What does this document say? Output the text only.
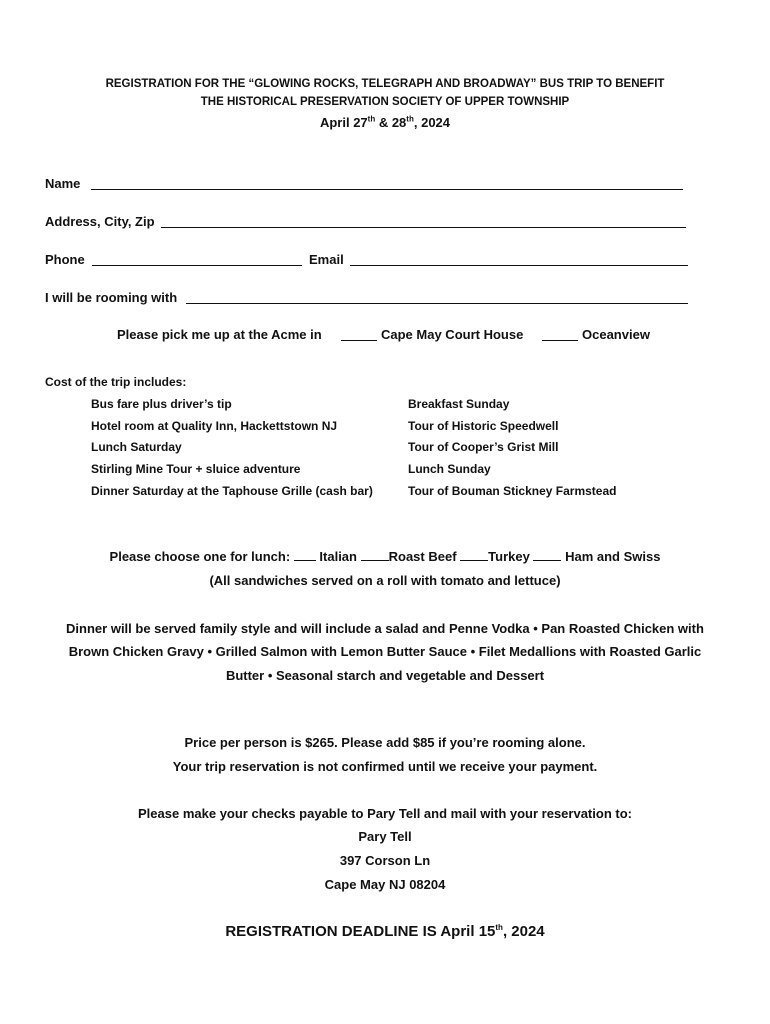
REGISTRATION FOR THE “GLOWING ROCKS, TELEGRAPH AND BROADWAY” BUS TRIP TO BENEFIT
THE HISTORICAL PRESERVATION SOCIETY OF UPPER TOWNSHIP
April 27th & 28th, 2024
Name
Address, City, Zip
Phone	Email
I will be rooming with
Please pick me up at the Acme in	Cape May Court House	Oceanview
Cost of the trip includes:
Bus fare plus driver’s tip
Hotel room at Quality Inn, Hackettstown NJ
Lunch Saturday
Stirling Mine Tour + sluice adventure
Dinner Saturday at the Taphouse Grille (cash bar)
Breakfast Sunday
Tour of Historic Speedwell
Tour of Cooper’s Grist Mill
Lunch Sunday
Tour of Bouman Stickney Farmstead
Please choose one for lunch: Italian Roast Beef Turkey	Ham and Swiss
(All sandwiches served on a roll with tomato and lettuce)
Dinner will be served family style and will include a salad and Penne Vodka • Pan Roasted Chicken with
Brown Chicken Gravy • Grilled Salmon with Lemon Butter Sauce • Filet Medallions with Roasted Garlic
Butter • Seasonal starch and vegetable and Dessert
Price per person is $265. Please add $85 if you’re rooming alone.
Your trip reservation is not confirmed until we receive your payment.
Please make your checks payable to Pary Tell and mail with your reservation to:
Pary Tell
397 Corson Ln
Cape May NJ 08204
REGISTRATION DEADLINE IS April 15th, 2024
